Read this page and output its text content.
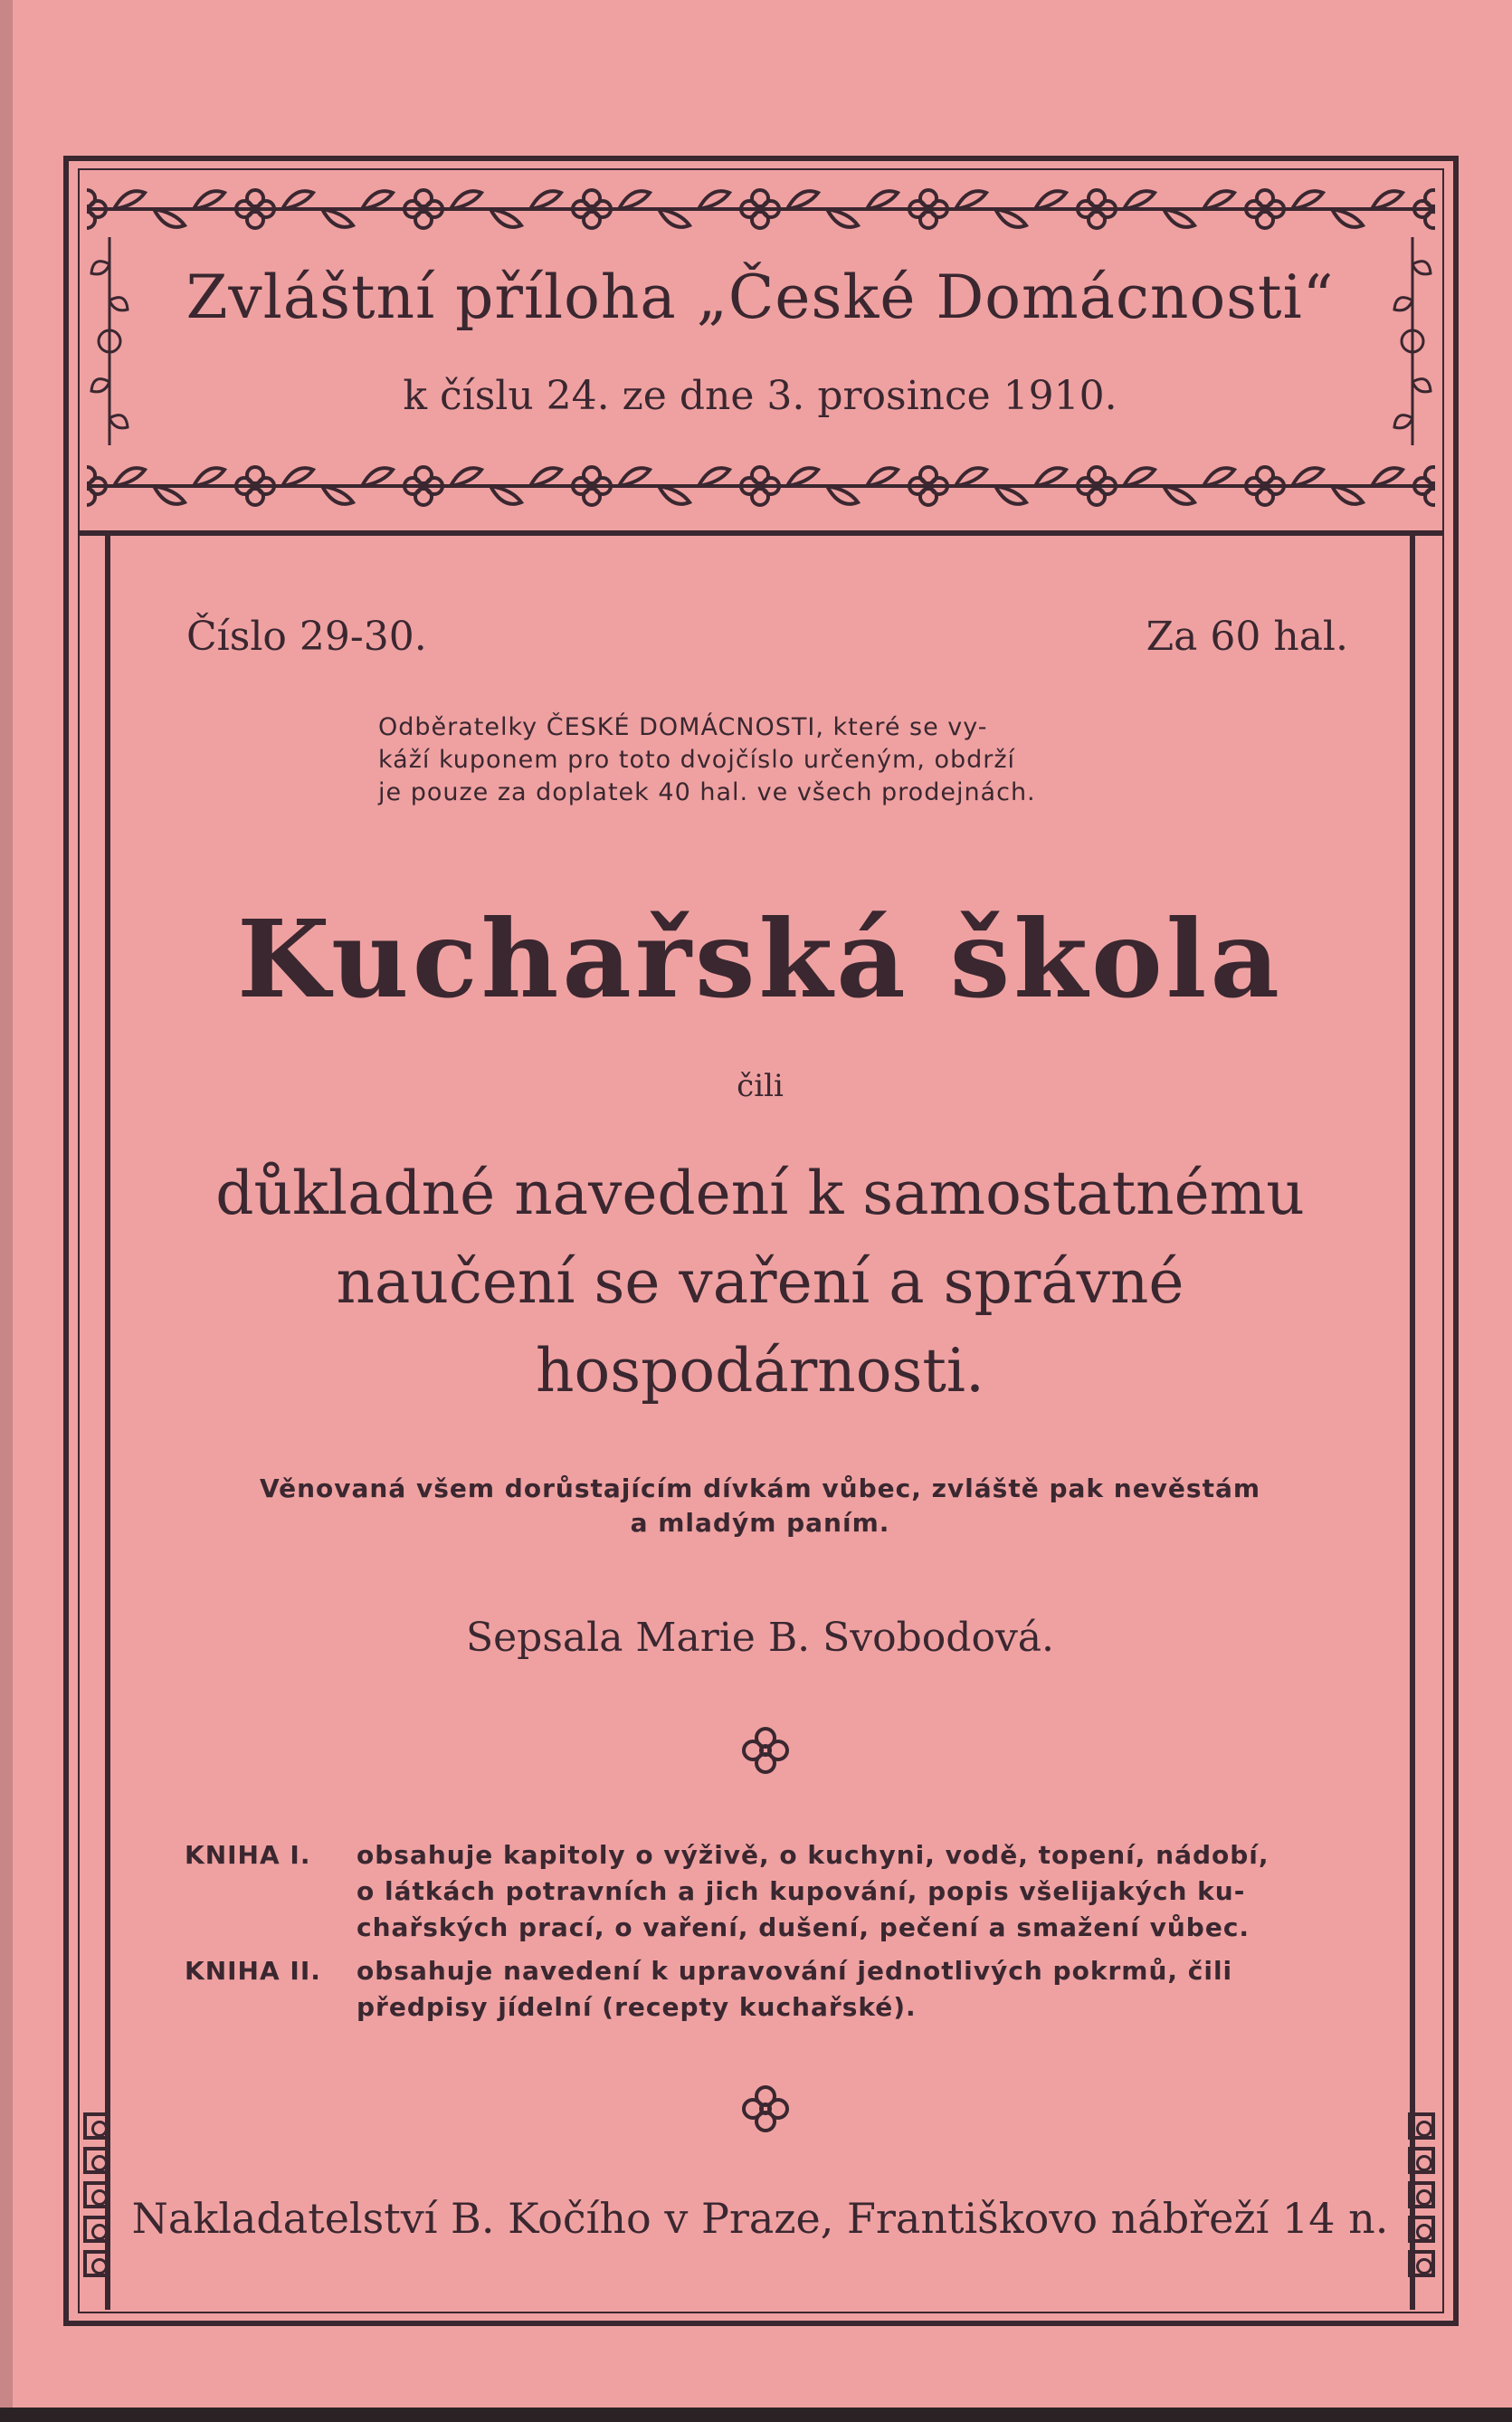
Zvláštní příloha „České Domácnosti“
k číslu 24. ze dne 3. prosince 1910.
Číslo 29-30.	Za 60 hal.
Odběratelky ČESKÉ DOMÁCNOSTI, které se vy-
káží kuponem pro toto dvojčíslo určeným, obdrží
je pouze za doplatek 40 hal. ve všech prodejnách.
Kuchařská škola
čili
důkladné navedení k samostatnému
naučení se vaření a správné
hospodárnosti.
Věnovaná všem dorůstajícím dívkám vůbec, zvláště pak nevěstám
a mladým paním.
Sepsala Marie B. Svobodová.
KNIHA I.	obsahuje kapitoly o výživě, o kuchyni, vodě, topení, nádobí,
o látkách potravních a jich kupování, popis všelijakých ku-
chařských prací, o vaření, dušení, pečení a smažení vůbec.
KNIHA II.	obsahuje navedení k upravování jednotlivých pokrmů, čili
předpisy jídelní (recepty kuchařské).
Nakladatelství B. Kočího v Praze, Františkovo nábřeží 14 n.
